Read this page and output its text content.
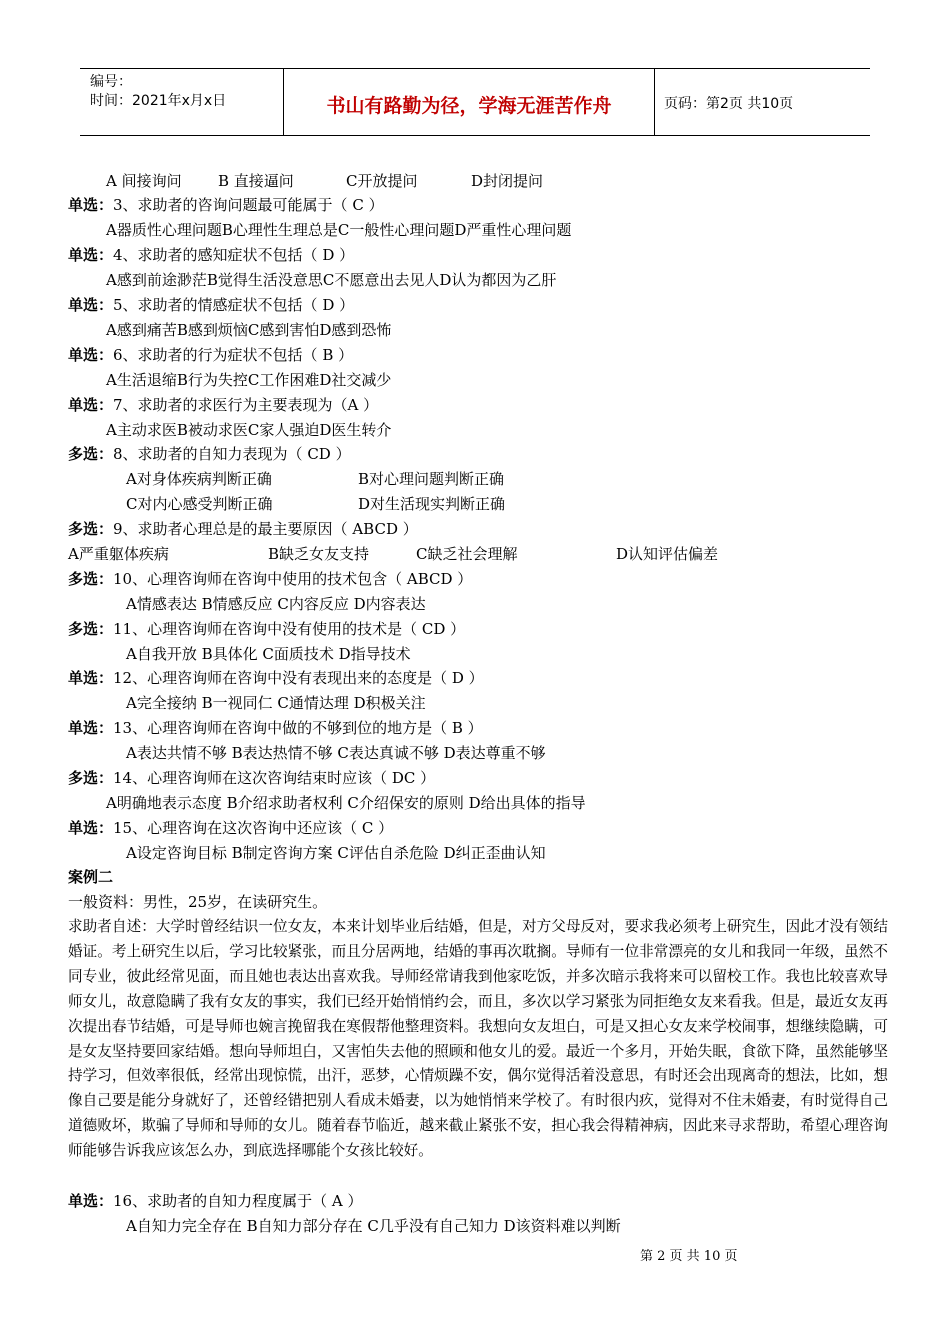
编号：
时间：2021年x月x日	书山有路勤为径，学海无涯苦作舟	页码：第2页 共10页
A 间接询问 B 直接逼问	C开放提问	D封闭提问
单选：3、求助者的咨询问题最可能属于（ C ）
A器质性心理问题B心理性生理总是C一般性心理问题D严重性心理问题
单选：4、求助者的感知症状不包括（ D ）
A感到前途渺茫B觉得生活没意思C不愿意出去见人D认为都因为乙肝
单选：5、求助者的情感症状不包括（ D ）
A感到痛苦B感到烦恼C感到害怕D感到恐怖
单选：6、求助者的行为症状不包括（ B ）
A生活退缩B行为失控C工作困难D社交减少
单选：7、求助者的求医行为主要表现为（A ）
A主动求医B被动求医C家人强迫D医生转介
多选：8、求助者的自知力表现为（ CD ）
A对身体疾病判断正确	B对心理问题判断正确
C对内心感受判断正确	D对生活现实判断正确
多选：9、求助者心理总是的最主要原因（ ABCD ）
A严重躯体疾病	B缺乏女友支持	C缺乏社会理解	D认知评估偏差
多选：10、心理咨询师在咨询中使用的技术包含（ ABCD ）
A情感表达 B情感反应 C内容反应 D内容表达
多选：11、心理咨询师在咨询中没有使用的技术是（ CD ）
A自我开放 B具体化 C面质技术 D指导技术
单选：12、心理咨询师在咨询中没有表现出来的态度是（ D ）
A完全接纳 B一视同仁 C通情达理 D积极关注
单选：13、心理咨询师在咨询中做的不够到位的地方是（ B ）
A表达共情不够 B表达热情不够 C表达真诚不够 D表达尊重不够
多选：14、心理咨询师在这次咨询结束时应该（ DC ）
A明确地表示态度 B介绍求助者权利 C介绍保安的原则 D给出具体的指导
单选：15、心理咨询在这次咨询中还应该（ C ）
A设定咨询目标 B制定咨询方案 C评估自杀危险 D纠正歪曲认知
案例二
一般资料：男性，25岁，在读研究生。
求助者自述：大学时曾经结识一位女友，本来计划毕业后结婚，但是，对方父母反对，要求我必须考上研究生，因此才没有领结婚证。考上研究生以后，学习比较紧张，而且分居两地，结婚的事再次耽搁。导师有一位非常漂亮的女儿和我同一年级，虽然不同专业，彼此经常见面，而且她也表达出喜欢我。导师经常请我到他家吃饭，并多次暗示我将来可以留校工作。我也比较喜欢导师女儿，故意隐瞒了我有女友的事实，我们已经开始悄悄约会，而且，多次以学习紧张为同拒绝女友来看我。但是，最近女友再次提出春节结婚，可是导师也婉言挽留我在寒假帮他整理资料。我想向女友坦白，可是又担心女友来学校闹事，想继续隐瞒，可是女友坚持要回家结婚。想向导师坦白，又害怕失去他的照顾和他女儿的爱。最近一个多月，开始失眠，食欲下降，虽然能够坚持学习，但效率很低，经常出现惊慌，出汗，恶梦，心情烦躁不安，偶尔觉得活着没意思，有时还会出现离奇的想法，比如，想像自己要是能分身就好了，还曾经错把别人看成未婚妻，以为她悄悄来学校了。有时很内疚，觉得对不住未婚妻，有时觉得自己道德败坏，欺骗了导师和导师的女儿。随着春节临近，越来截止紧张不安，担心我会得精神病，因此来寻求帮助，希望心理咨询师能够告诉我应该怎么办，到底选择哪能个女孩比较好。
单选：16、求助者的自知力程度属于（ A ）
A自知力完全存在 B自知力部分存在 C几乎没有自己知力 D该资料难以判断
第 2 页 共 10 页
